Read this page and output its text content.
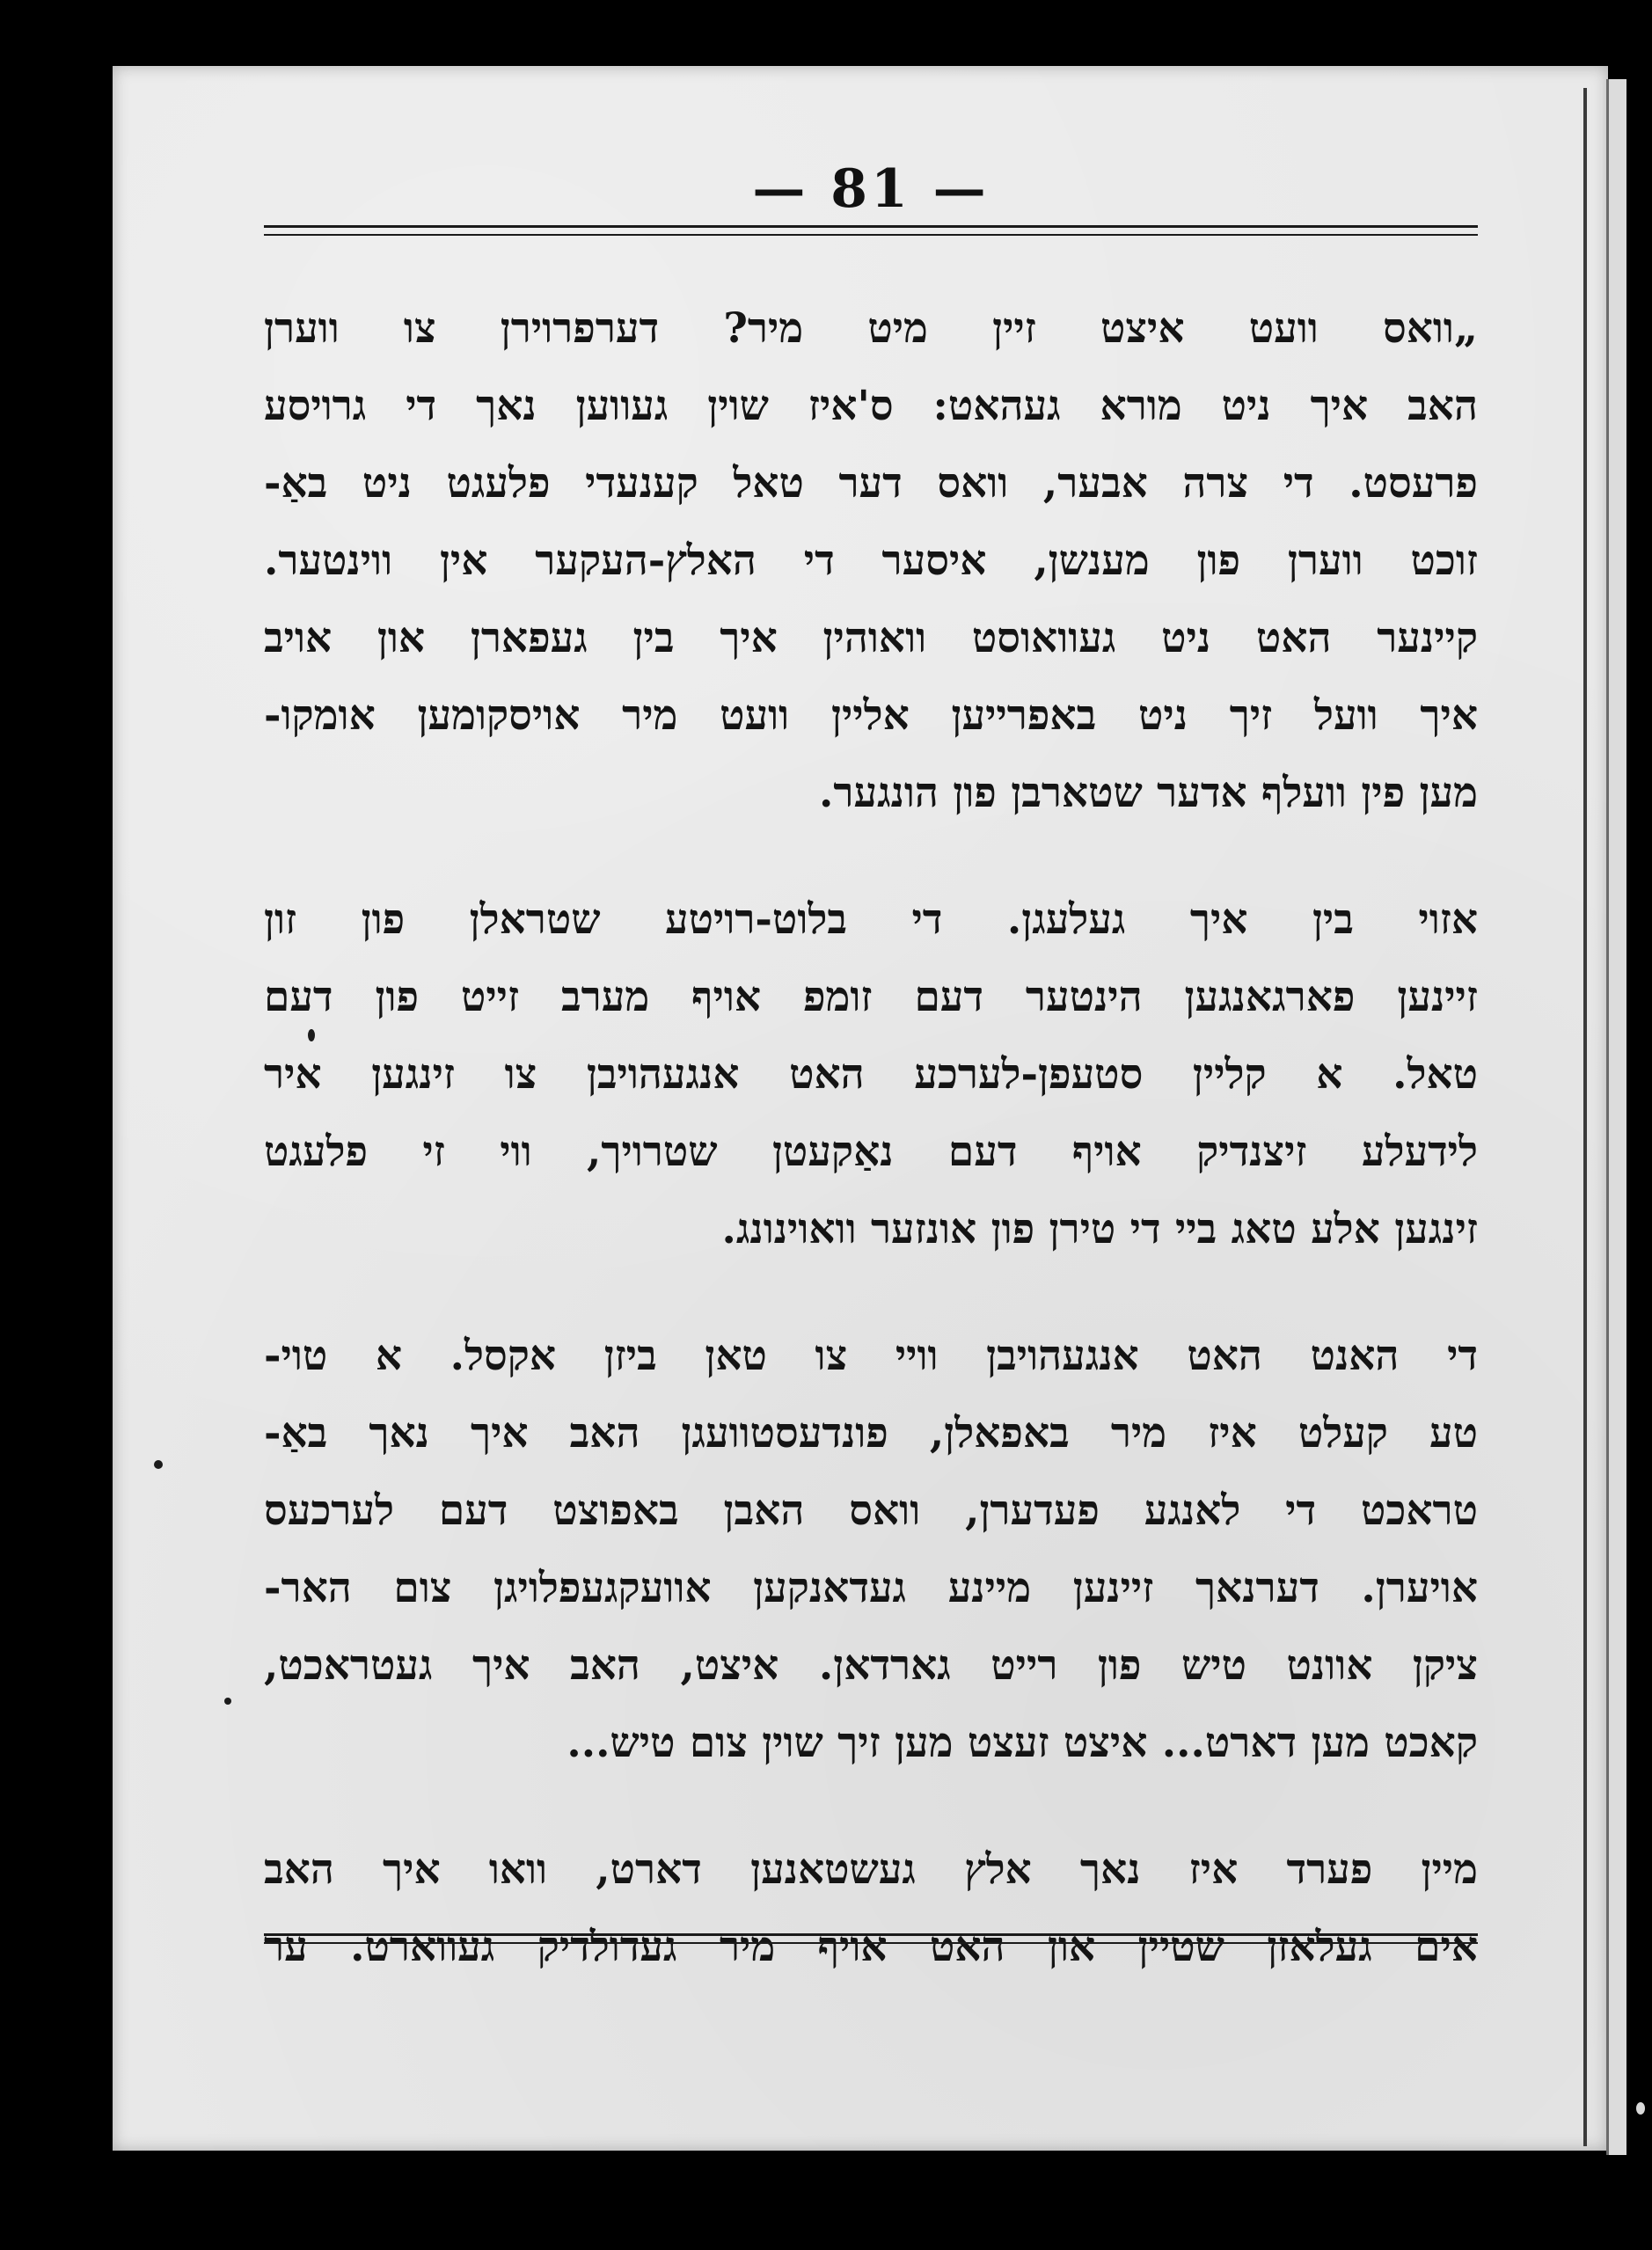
— 81 —
„וואס וועט איצט זיין מיט מיר? דערפרוירן צו ווערן
האב איך ניט מורא געהאט: ס'איז שוין געווען נאך די גרויסע
פרעסט. די צרה אבער, וואס דער טאל קענעדי פלעגט ניט באַ-
זוכט ווערן פון מענשן, איסער די האלץ-העקער אין ווינטער.
קיינער האט ניט געוואוסט וואוהין איך בין געפארן און אויב
איך וועל זיך ניט באפרייען אליין וועט מיר אויסקומען אומקו-
מען פין וועלף אדער שטארבן פון הונגער.
אזוי בין איך געלעגן. די בלוט-רויטע שטראלן פון זון
זיינען פארגאנגען הינטער דעם זומפ אויף מערב זייט פון דעם
טאל. א קליין סטעפן-לערכע האט אנגעהויבן צו זינגען איר
לידעלע זיצנדיק אויף דעם נאַקעטן שטרויך, ווי זי פלעגט
זינגען אלע טאג ביי די טירן פון אונזער וואוינונג.
די האנט האט אנגעהויבן וויי צו טאן ביזן אקסל. א טוי-
טע קעלט איז מיר באפאלן, פונדעסטוועגן האב איך נאך באַ-
טראכט די לאנגע פעדערן, וואס האבן באפוצט דעם לערכעס
אויערן. דערנאך זיינען מיינע געדאנקען אוועקגעפלויגן צום האר-
ציקן אוונט טיש פון רייט גארדאן. איצט, האב איך געטראכט,
קאכט מען דארט... איצט זעצט מען זיך שוין צום טיש...
מיין פערד איז נאך אלץ געשטאנען דארט, וואו איך האב
אים געלאזן שטיין און האט אויף מיר געדולדיק געווארט. ער
